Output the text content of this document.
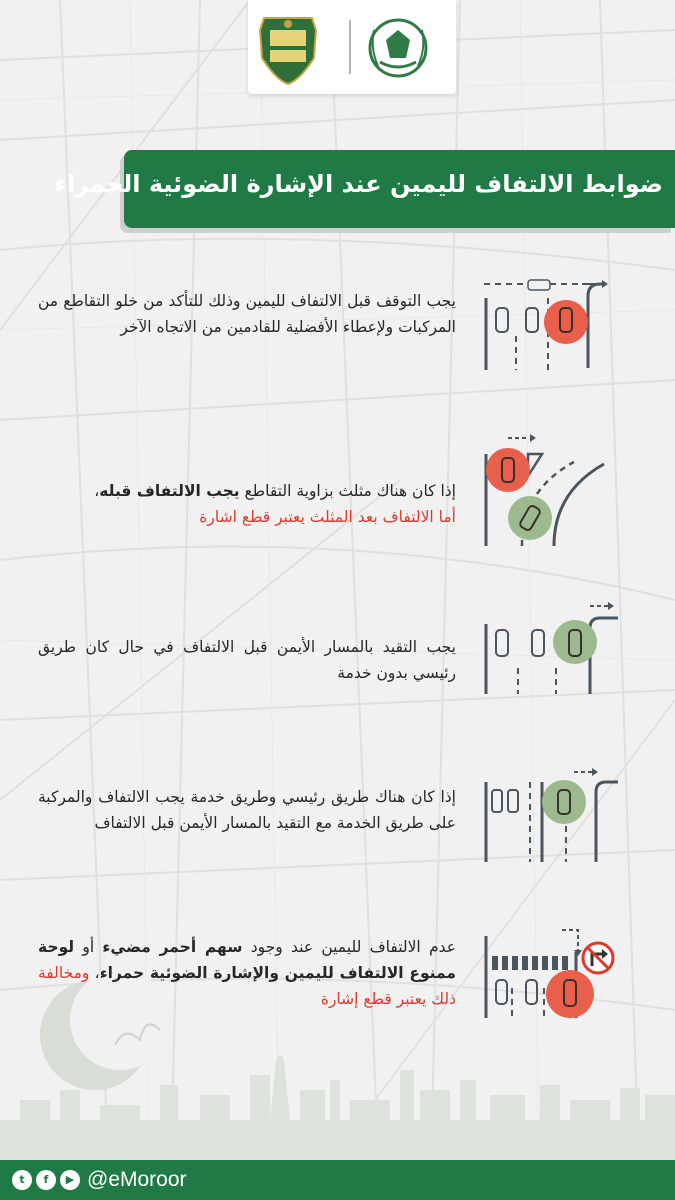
ضوابط الالتفاف لليمين عند الإشارة الضوئية الحمراء
يجب التوقف قبل الالتفاف لليمين وذلك للتأكد من خلو التقاطع من المركبات ولإعطاء الأفضلية للقادمين من الاتجاه الآخر
إذا كان هناك مثلث بزاوية التقاطع يجب الالتفاف قبله،
أما الالتفاف بعد المثلث يعتبر قطع اشارة
يجب التقيد بالمسار الأيمن قبل الالتفاف في حال كان طريق رئيسي بدون خدمة
إذا كان هناك طريق رئيسي وطريق خدمة يجب الالتفاف والمركبة على طريق الخدمة مع التقيد بالمسار الأيمن قبل الالتفاف
عدم الالتفاف لليمين عند وجود سهم أحمر مضيء أو لوحة ممنوع الالتفاف لليمين والإشارة الضوئية حمراء، ومخالفة ذلك يعتبر قطع إشارة
t	f	▶ @eMoroor
